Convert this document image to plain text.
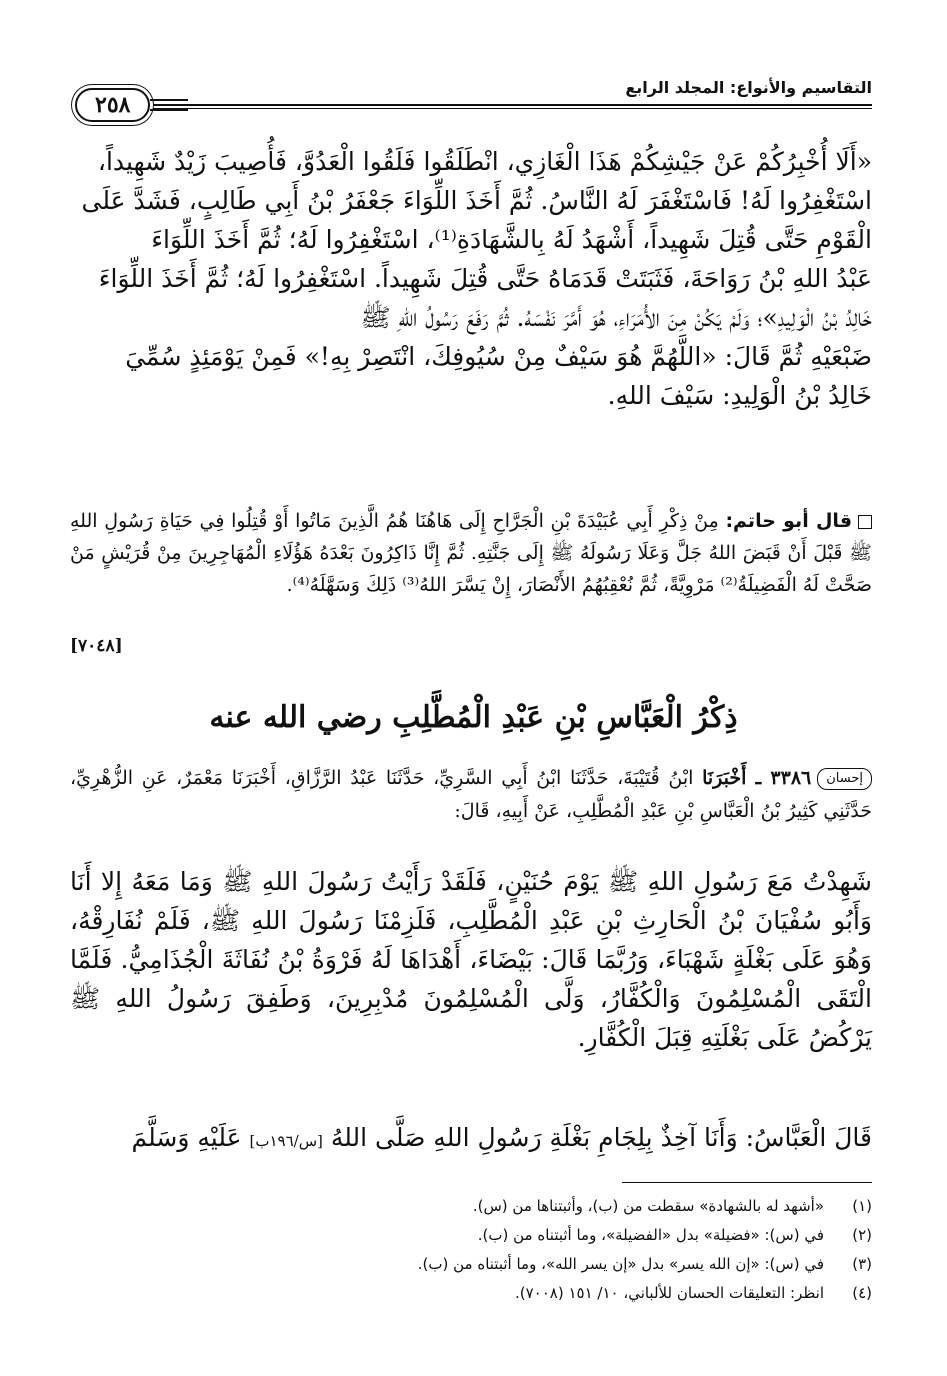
التقاسيم والأنواع: المجلد الرابع
٢٥٨
«أَلَا أُخْبِرُكُمْ عَنْ جَيْشِكُمْ هَذَا الْغَازِي، انْطَلَقُوا فَلَقُوا الْعَدُوَّ، فَأُصِيبَ زَيْدٌ شَهِيداً،
اسْتَغْفِرُوا لَهُ! فَاسْتَغْفَرَ لَهُ النَّاسُ. ثُمَّ أَخَذَ اللِّوَاءَ جَعْفَرُ بْنُ أَبِي طَالِبٍ، فَشَدَّ عَلَى
الْقَوْمِ حَتَّى قُتِلَ شَهِيداً، أَشْهَدُ لَهُ بِالشَّهَادَةِ⁽¹⁾، اسْتَغْفِرُوا لَهُ؛ ثُمَّ أَخَذَ اللِّوَاءَ
عَبْدُ اللهِ بْنُ رَوَاحَةَ، فَثَبَتَتْ قَدَمَاهُ حَتَّى قُتِلَ شَهِيداً. اسْتَغْفِرُوا لَهُ؛ ثُمَّ أَخَذَ اللِّوَاءَ
خَالِدُ بْنُ الْوَلِيدِ»؛ وَلَمْ يَكُنْ مِنَ الأُمَرَاءِ، هُوَ أَمَّرَ نَفْسَهُ. ثُمَّ رَفَعَ رَسُولُ اللهِ ﷺ
ضَبْعَيْهِ ثُمَّ قَالَ: «اللَّهُمَّ هُوَ سَيْفٌ مِنْ سُيُوفِكَ، انْتَصِرْ بِهِ!» فَمِنْ يَوْمَئِذٍ سُمِّيَ
خَالِدُ بْنُ الْوَلِيدِ: سَيْفَ اللهِ.
قال أبو حاتم: مِنْ ذِكْرِ أَبِي عُبَيْدَةَ بْنِ الْجَرَّاحِ إِلَى هَاهُنَا هُمُ الَّذِينَ مَاتُوا أَوْ قُتِلُوا فِي حَيَاةِ رَسُولِ اللهِ ﷺ قَبْلَ أَنْ قَبَضَ اللهُ جَلَّ وَعَلَا رَسُولَهُ ﷺ إِلَى جَنَّتِهِ. ثُمَّ إِنَّا ذَاكِرُونَ بَعْدَهُ هَؤُلَاءِ الْمُهَاجِرِينَ مِنْ قُرَيْشٍ مَنْ صَحَّتْ لَهُ الْفَضِيلَةُ⁽²⁾ مَرْوِيَّةً، ثُمَّ نُعْقِبُهُمُ الأَنْصَارَ، إِنْ يَسَّرَ اللهُ⁽³⁾ ذَلِكَ وَسَهَّلَهُ⁽⁴⁾.
[٧٠٤٨]
ذِكْرُ الْعَبَّاسِ بْنِ عَبْدِ الْمُطَّلِبِ رضي الله عنه
إحسان٣٣٨٦ ـ أَخْبَرَنَا ابْنُ قُتَيْبَةَ، حَدَّثَنَا ابْنُ أَبِي السَّرِيِّ، حَدَّثَنَا عَبْدُ الرَّزَّاقِ، أَخْبَرَنَا مَعْمَرٌ، عَنِ الزُّهْرِيِّ، حَدَّثَنِي كَثِيرُ بْنُ الْعَبَّاسِ بْنِ عَبْدِ الْمُطَّلِبِ، عَنْ أَبِيهِ، قَالَ:
شَهِدْتُ مَعَ رَسُولِ اللهِ ﷺ يَوْمَ حُنَيْنٍ، فَلَقَدْ رَأَيْتُ رَسُولَ اللهِ ﷺ وَمَا مَعَهُ إِلا أَنَا وَأَبُو سُفْيَانَ بْنُ الْحَارِثِ بْنِ عَبْدِ الْمُطَّلِبِ، فَلَزِمْنَا رَسُولَ اللهِ ﷺ، فَلَمْ نُفَارِقْهُ، وَهُوَ عَلَى بَغْلَةٍ شَهْبَاءَ، وَرُبَّمَا قَالَ: بَيْضَاءَ، أَهْدَاهَا لَهُ فَرْوَةُ بْنُ نُفَاثَةَ الْجُذَامِيُّ. فَلَمَّا الْتَقَى الْمُسْلِمُونَ وَالْكُفَّارُ، وَلَّى الْمُسْلِمُونَ مُدْبِرِينَ، وَطَفِقَ رَسُولُ اللهِ ﷺ يَرْكُضُ عَلَى بَغْلَتِهِ قِبَلَ الْكُفَّارِ.
قَالَ الْعَبَّاسُ: وَأَنَا آخِذٌ بِلِجَامِ بَغْلَةِ رَسُولِ اللهِ صَلَّى اللهُ [س/١٩٦ب] عَلَيْهِ وَسَلَّمَ
(١)
«أشهد له بالشهادة» سقطت من (ب)، وأثبتناها من (س).
(٢)
في (س): «فضيلة» بدل «الفضيلة»، وما أثبتناه من (ب).
(٣)
في (س): «إن الله يسر» بدل «إن يسر الله»، وما أثبتناه من (ب).
(٤)
انظر: التعليقات الحسان للألباني، ١٠/ ١٥١ (٧٠٠٨).
